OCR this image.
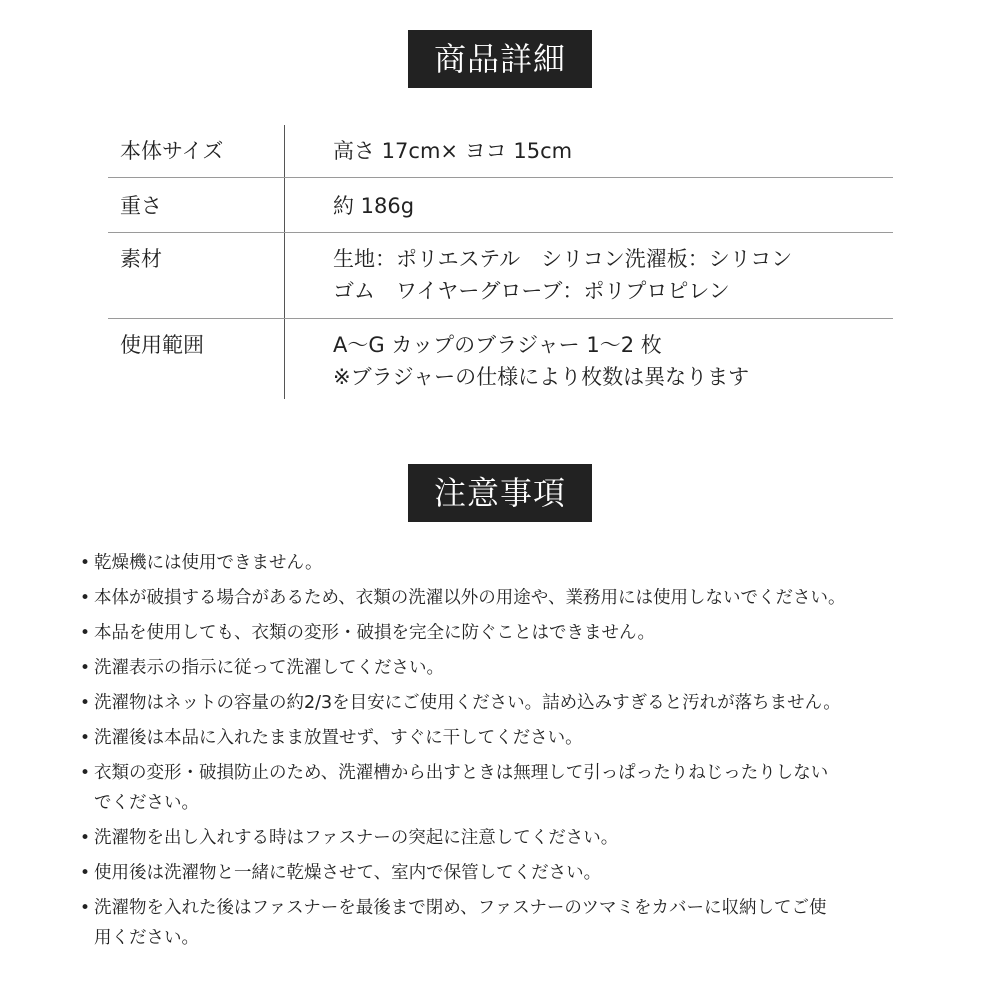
商品詳細
本体サイズ	高さ 17cm× ヨコ 15cm
重さ	約 186g
素材	生地：ポリエステル　シリコン洗濯板：シリコン
ゴム　ワイヤーグローブ：ポリプロピレン
使用範囲	A〜G カップのブラジャー 1〜2 枚
※ブラジャーの仕様により枚数は異なります
注意事項
• 乾燥機には使用できません。
• 本体が破損する場合があるため、衣類の洗濯以外の用途や、業務用には使用しないでください。
• 本品を使用しても、衣類の変形・破損を完全に防ぐことはできません。
• 洗濯表示の指示に従って洗濯してください。
• 洗濯物はネットの容量の約2/3を目安にご使用ください。詰め込みすぎると汚れが落ちません。
• 洗濯後は本品に入れたまま放置せず、すぐに干してください。
• 衣類の変形・破損防止のため、洗濯槽から出すときは無理して引っぱったりねじったりしない
でください。
• 洗濯物を出し入れする時はファスナーの突起に注意してください。
• 使用後は洗濯物と一緒に乾燥させて、室内で保管してください。
• 洗濯物を入れた後はファスナーを最後まで閉め、ファスナーのツマミをカバーに収納してご使
用ください。
